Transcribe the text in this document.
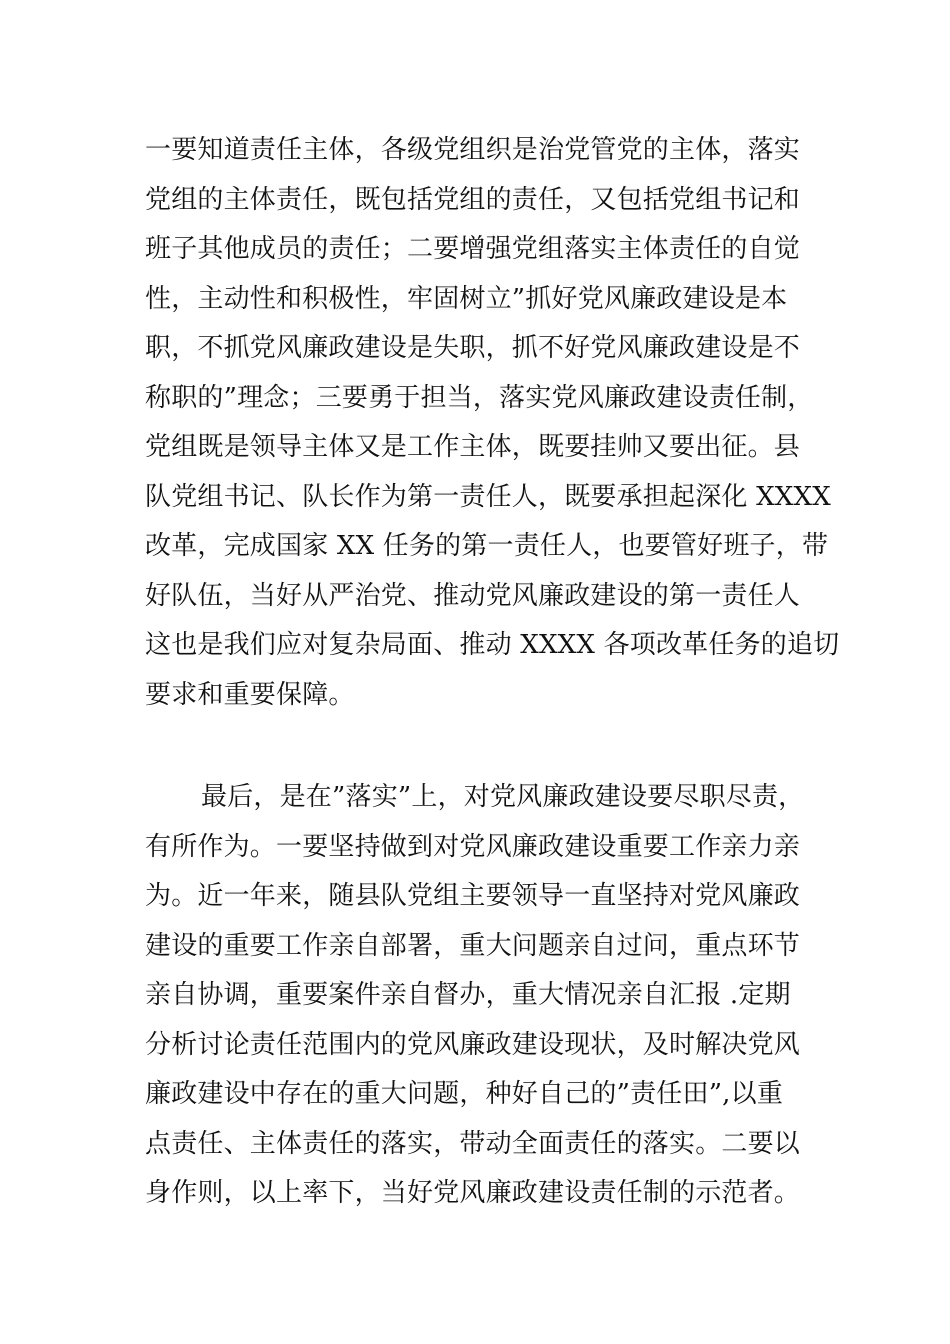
一要知道责任主体，各级党组织是治党管党的主体，落实
党组的主体责任，既包括党组的责任，又包括党组书记和
班子其他成员的责任；二要增强党组落实主体责任的自觉
性，主动性和积极性，牢固树立”抓好党风廉政建设是本
职，不抓党风廉政建设是失职，抓不好党风廉政建设是不
称职的”理念；三要勇于担当，落实党风廉政建设责任制，
党组既是领导主体又是工作主体，既要挂帅又要出征。县
队党组书记、队长作为第一责任人，既要承担起深化 XXXX
改革，完成国家 XX 任务的第一责任人，也要管好班子，带
好队伍，当好从严治党、推动党风廉政建设的第一责任人
这也是我们应对复杂局面、推动 XXXX 各项改革任务的追切
要求和重要保障。

最后，是在”落实”上，对党风廉政建设要尽职尽责，
有所作为。一要坚持做到对党风廉政建设重要工作亲力亲
为。近一年来，随县队党组主要领导一直坚持对党风廉政
建设的重要工作亲自部署，重大问题亲自过问，重点环节
亲自协调，重要案件亲自督办，重大情况亲自汇报 .定期
分析讨论责任范围内的党风廉政建设现状，及时解决党风
廉政建设中存在的重大问题，种好自己的”责任田”,以重
点责任、主体责任的落实，带动全面责任的落实。二要以
身作则，以上率下，当好党风廉政建设责任制的示范者。
